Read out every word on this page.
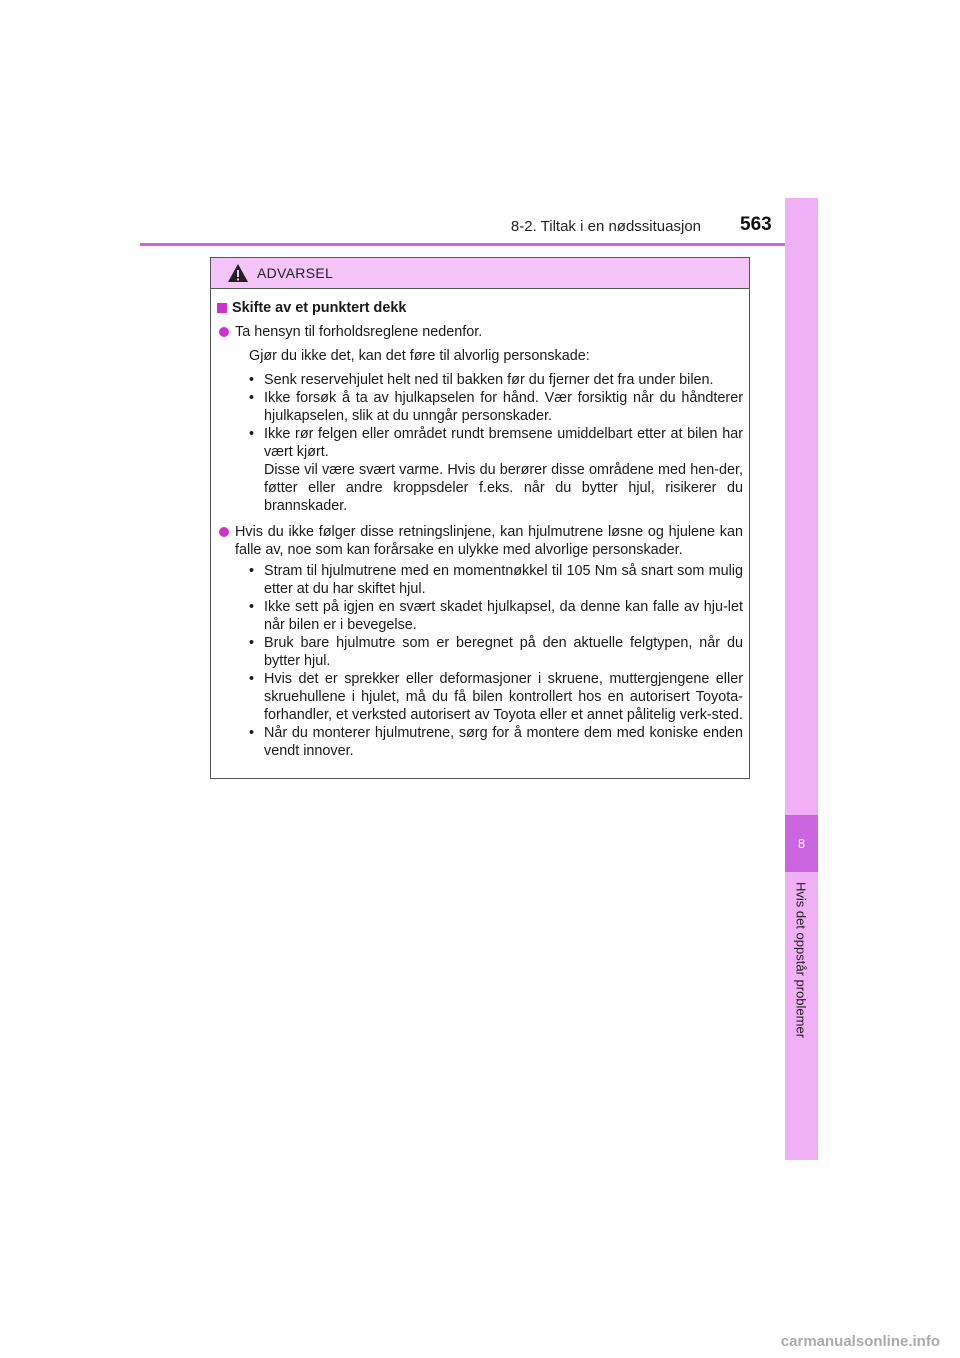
8-2. Tiltak i en nødssituasjon 563
8
Hvis det oppstår problemer
ADVARSEL
Skifte av et punktert dekk
Ta hensyn til forholdsreglene nedenfor.
Gjør du ikke det, kan det føre til alvorlig personskade:
• Senk reservehjulet helt ned til bakken før du fjerner det fra under bilen.
• Ikke forsøk å ta av hjulkapselen for hånd. Vær forsiktig når du håndterer hjulkapselen, slik at du unngår personskader.
• Ikke rør felgen eller området rundt bremsene umiddelbart etter at bilen har vært kjørt.
Disse vil være svært varme. Hvis du berører disse områdene med hen-der, føtter eller andre kroppsdeler f.eks. når du bytter hjul, risikerer du brannskader.
Hvis du ikke følger disse retningslinjene, kan hjulmutrene løsne og hjulene kan falle av, noe som kan forårsake en ulykke med alvorlige personskader.
• Stram til hjulmutrene med en momentnøkkel til 105 Nm så snart som mulig etter at du har skiftet hjul.
• Ikke sett på igjen en svært skadet hjulkapsel, da denne kan falle av hju-let når bilen er i bevegelse.
• Bruk bare hjulmutre som er beregnet på den aktuelle felgtypen, når du bytter hjul.
• Hvis det er sprekker eller deformasjoner i skruene, muttergjengene eller skruehullene i hjulet, må du få bilen kontrollert hos en autorisert Toyota-forhandler, et verksted autorisert av Toyota eller et annet pålitelig verk-sted.
• Når du monterer hjulmutrene, sørg for å montere dem med koniske enden vendt innover.
carmanualsonline.info
